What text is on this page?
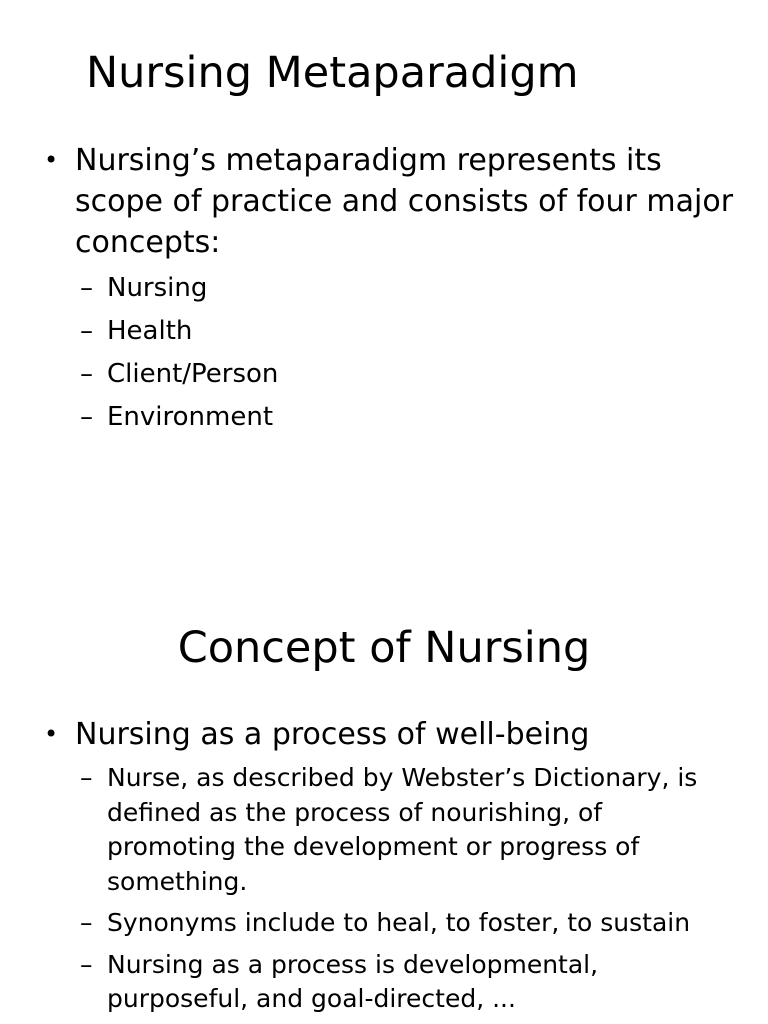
Nursing Metaparadigm
• Nursing’s metaparadigm represents its scope of practice and consists of four major concepts:
– Nursing
– Health
– Client/Person
– Environment
Concept of Nursing
• Nursing as a process of well-being
– Nurse, as described by Webster’s Dictionary, is defined as the process of nourishing, of promoting the development or progress of something.
– Synonyms include to heal, to foster, to sustain
– Nursing as a process is developmental, purposeful, and goal-directed, ...
